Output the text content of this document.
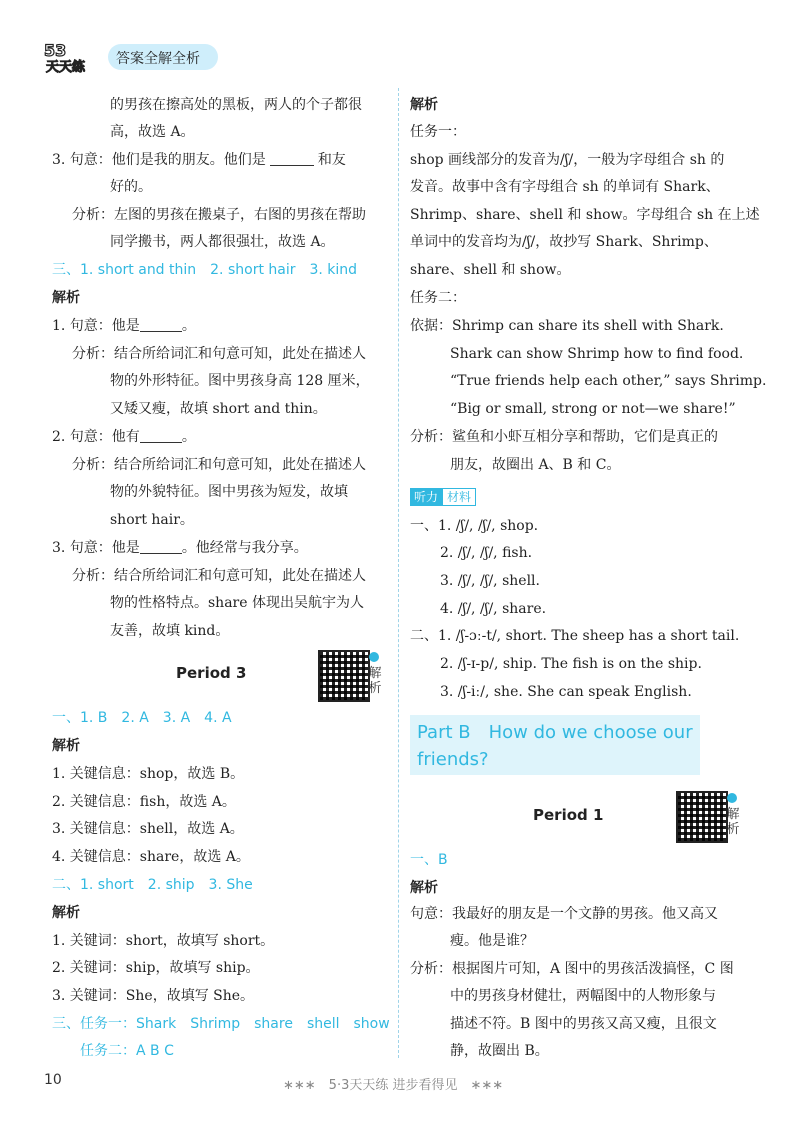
53
天天练
答案全解全析
的男孩在擦高处的黑板，两人的个子都很
高，故选 A。
3. 句意：他们是我的朋友。他们是	和友
好的。
分析：左图的男孩在搬桌子，右图的男孩在帮助
同学搬书，两人都很强壮，故选 A。
三、1. short and thin　2. short hair　3. kind
解析
1. 句意：他是	。
分析：结合所给词汇和句意可知，此处在描述人
物的外形特征。图中男孩身高 128 厘米，
又矮又瘦，故填 short and thin。
2. 句意：他有	。
分析：结合所给词汇和句意可知，此处在描述人
物的外貌特征。图中男孩为短发，故填
short hair。
3. 句意：他是	。他经常与我分享。
分析：结合所给词汇和句意可知，此处在描述人
物的性格特点。share 体现出吴航宇为人
友善，故填 kind。
Period 3	解析
一、1. B　2. A　3. A　4. A
解析
1. 关键信息：shop，故选 B。
2. 关键信息：fish，故选 A。
3. 关键信息：shell，故选 A。
4. 关键信息：share，故选 A。
二、1. short　2. ship　3. She
解析
1. 关键词：short，故填写 short。
2. 关键词：ship，故填写 ship。
3. 关键词：She，故填写 She。
三、任务一：Shark　Shrimp　share　shell　show
任务二：A B C
解析
任务一：
shop 画线部分的发音为/ʃ/，一般为字母组合 sh 的
发音。故事中含有字母组合 sh 的单词有 Shark、
Shrimp、share、shell 和 show。字母组合 sh 在上述
单词中的发音均为/ʃ/，故抄写 Shark、Shrimp、
share、shell 和 show。
任务二：
依据：Shrimp can share its shell with Shark.
Shark can show Shrimp how to find food.
“True friends help each other,” says Shrimp.
“Big or small, strong or not—we share!”
分析：鲨鱼和小虾互相分享和帮助，它们是真正的
朋友，故圈出 A、B 和 C。
听力 材料
一、1. /ʃ/, /ʃ/, shop.
2. /ʃ/, /ʃ/, fish.
3. /ʃ/, /ʃ/, shell.
4. /ʃ/, /ʃ/, share.
二、1. /ʃ-ɔː-t/, short. The sheep has a short tail.
2. /ʃ-ɪ-p/, ship. The fish is on the ship.
3. /ʃ-iː/, she. She can speak English.
Part B　How do we choose our
friends?
Period 1	解析
一、B
解析
句意：我最好的朋友是一个文静的男孩。他又高又
瘦。他是谁？
分析：根据图片可知，A 图中的男孩活泼搞怪，C 图
中的男孩身材健壮，两幅图中的人物形象与
描述不符。B 图中的男孩又高又瘦，且很文
静，故圈出 B。
10	∗∗∗　5·3天天练 进步看得见　∗∗∗
